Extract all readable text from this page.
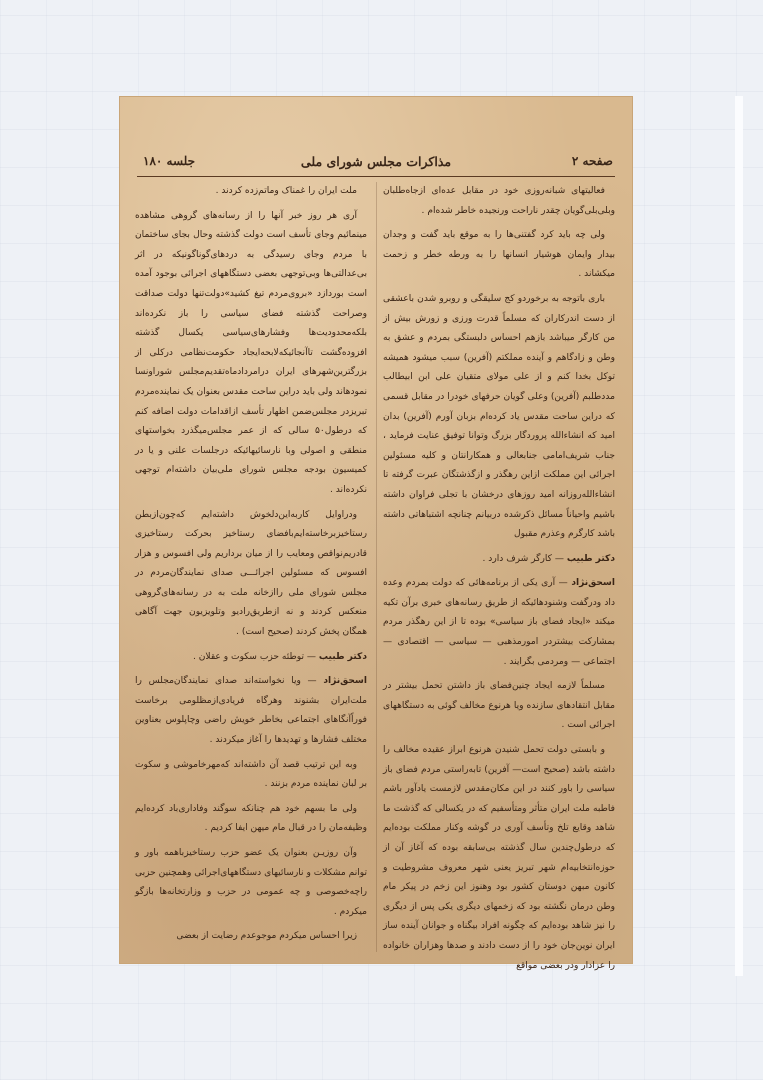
صفحه ۲
مذاکرات مجلس شورای ملی
جلسه ۱۸۰

فعالیتهای شبانه‌روزی خود در مقابل عده‌ای ازجاه‌طلبان وبلی‌بلی‌گویان چقدر ناراحت ورنجیده خاطر شده‌ام .

ولی چه باید کرد گفتنی‌ها را به موقع باید گفت و وجدان بیدار وایمان هوشیار انسانها را به ورطه خطر و زحمت میکشاند .

باری باتوجه به برخوردو کج سلیقگی و روبرو شدن باعشقی از دست اندرکاران که مسلماً قدرت ورزی و زورش بیش از من کارگر میباشد بازهم احساس دلبستگی بمردم و عشق به وطن و زادگاهم و آینده مملکتم (آفرین) سبب میشود همیشه توکل بخدا کنم و از علی مولای متقیان علی ابن ابیطالب مددطلبم (آفرین) وعلی گویان حرفهای خودرا در مقابل قسمی که دراین ساحت مقدس یاد کرده‌ام بزبان آورم (آفرین) بدان امید که انشاءالله پروردگار بزرگ وتوانا توفیق عنایت فرماید ، جناب شریف‌امامی جنابعالی و همکارانتان و کلیه مسئولین اجرائی این مملکت ازاین رهگذر و ازگذشتگان عبرت گرفته تا انشاءالله‌روزانه امید روزهای درخشان با تجلی فراوان داشته باشیم واحیاناً مسائل ذکرشده دربیانم چنانچه اشتباهاتی داشته باشد کارگرم وعذرم مقبول

دکتر طبیب — کارگر شرف دارد .

اسحق‌نژاد — آری یکی از برنامه‌هائی که دولت بمردم وعده داد ودرگفت وشنودهائیکه از طریق رسانه‌های خبری برآن تکیه میکند «ایجاد فضای باز سیاسی» بوده تا از این رهگذر مردم بمشارکت بیشتردر امورمذهبی — سیاسی — اقتصادی — اجتماعی — ومردمی بگرایند .

مسلماً لازمه ایجاد چنین‌فضای باز داشتن تحمل بیشتر در مقابل انتقادهای سازنده ویا هرنوع مخالف گوئی به دستگاههای اجرائی است .

و بابستی دولت تحمل شنیدن هرنوع ابراز عقیده مخالف را داشته باشد (صحیح است— آفرین) تابه‌راستی مردم فضای باز سیاسی را باور کنند در این مکان‌مقدس لازمست یادآور باشم فاطبه ملت ایران متأثر ومتأسفیم که در یکسالی که گذشت ما شاهد وقایع تلخ وتأسف آوری در گوشه وکنار مملکت بوده‌ایم که درطول‌چندین سال گذشته بی‌سابقه بوده که آغاز آن از حوزه‌انتخابیه‌ام شهر تبریز یعنی شهر معروف مشروطیت و کانون مبهن دوستان کشور بود وهنوز این زخم در پیکر مام وطن درمان نگشته بود که زخمهای دیگری یکی پس از دیگری را نیز شاهد بوده‌ایم که چگونه افراد بیگناه و جوانان آینده ساز ایران نوین‌جان خود را از دست دادند و صدها وهزاران خانواده را عزادار ودر بعضی مواقع

ملت ایران را غمناک وماتم‌زده کردند .

آری هر روز خبر آنها را از رسانه‌های گروهی مشاهده مینمائیم وجای تأسف است دولت گذشته وحال بجای ساختمان با مردم وجای رسیدگی به دردهای‌گوناگونیکه در اثر بی‌عدالتی‌ها وبی‌توجهی بعضی دستگاههای اجرائی بوجود آمده است بوردازد «بروی‌مردم تیغ کشید»دولت‌تنها دولت صداقت وصراحت گذشته فضای سیاسی را باز نکرده‌اند بلکه‌محدودیت‌ها وفشارهای‌سیاسی یکسال گذشته افزوده‌گشت تاآنجائیکه‌لابحه‌ایجاد حکومت‌نظامی درکلی از بزرگترین‌شهرهای ایران درامرداد‌ماه‌تقدیم‌مجلس شورا‌ونسا نمودهاند ولی باید دراین ساحت مقدس بعنوان یک نماینده‌مردم تبریزدر مجلس‌ضمن اظهار تأسف ازاقدامات دولت اضافه کنم که درطول‌۵۰ سالی که از عمر مجلس‌میگذرد بخواستهای منطقی و اصولی وبا نارسائیهائیکه درجلسات علنی و یا در کمیسیون بودجه مجلس شورای ملی‌بیان داشته‌ام توجهی نکرده‌اند .

ودراوایل کاربه‌این‌دلخوش داشته‌ایم که‌چون‌ازبطن رستاخیزبرخاسته‌ایم‌بافضای رستاخیز بحرکت رستاخیزی قادریم‌نواقص ومعایب را از میان برداریم ولی افسوس و هزار افسوس که مسئولین اجرائـــی صدای نمایندگان‌مردم در مجلس شورای ملی راازخانه ملت به در رسانه‌های‌گروهی منعکس کردند و نه ازطریق‌رادیو وتلویزیون جهت آگاهی همگان پخش کردند (صحیح است) .

دکتر طبیب — توطئه حزب سکوت و عقلان .

اسحق‌نژاد — ویا نخواسته‌اند صدای نمایندگان‌مجلس را ملت‌ایران بشنوند وهرگاه فریادی‌ازمظلومی برخاست فوراً‌آنگاهای اجتماعی بخاطر خویش راضی وچاپلوس بعناوین مختلف فشارها و تهدیدها را آغاز میکردند .

وبه این ترتیب قصد آن داشته‌اند که‌مهر‌خاموشی و سکوت بر لبان نماینده مردم بزنند .

ولی ما بسهم خود هم چنانکه سوگند وفاداری‌باد کرده‌ایم وظیفه‌مان را در قبال مام میهن ایفا کردیم .

وآن روزیـن بعنوان یک عضو حزب رستاخیز‌با‌همه باور و توانم مشکلات و نارسائیهای دستگاههای‌اجرائی وهمچنین حزبی را‌چه‌خصوصی و چه عمومی در حزب و وزارتخانه‌ها بازگو میکردم .

زیرا احساس میکردم موجوعدم رضایت از بعضی
